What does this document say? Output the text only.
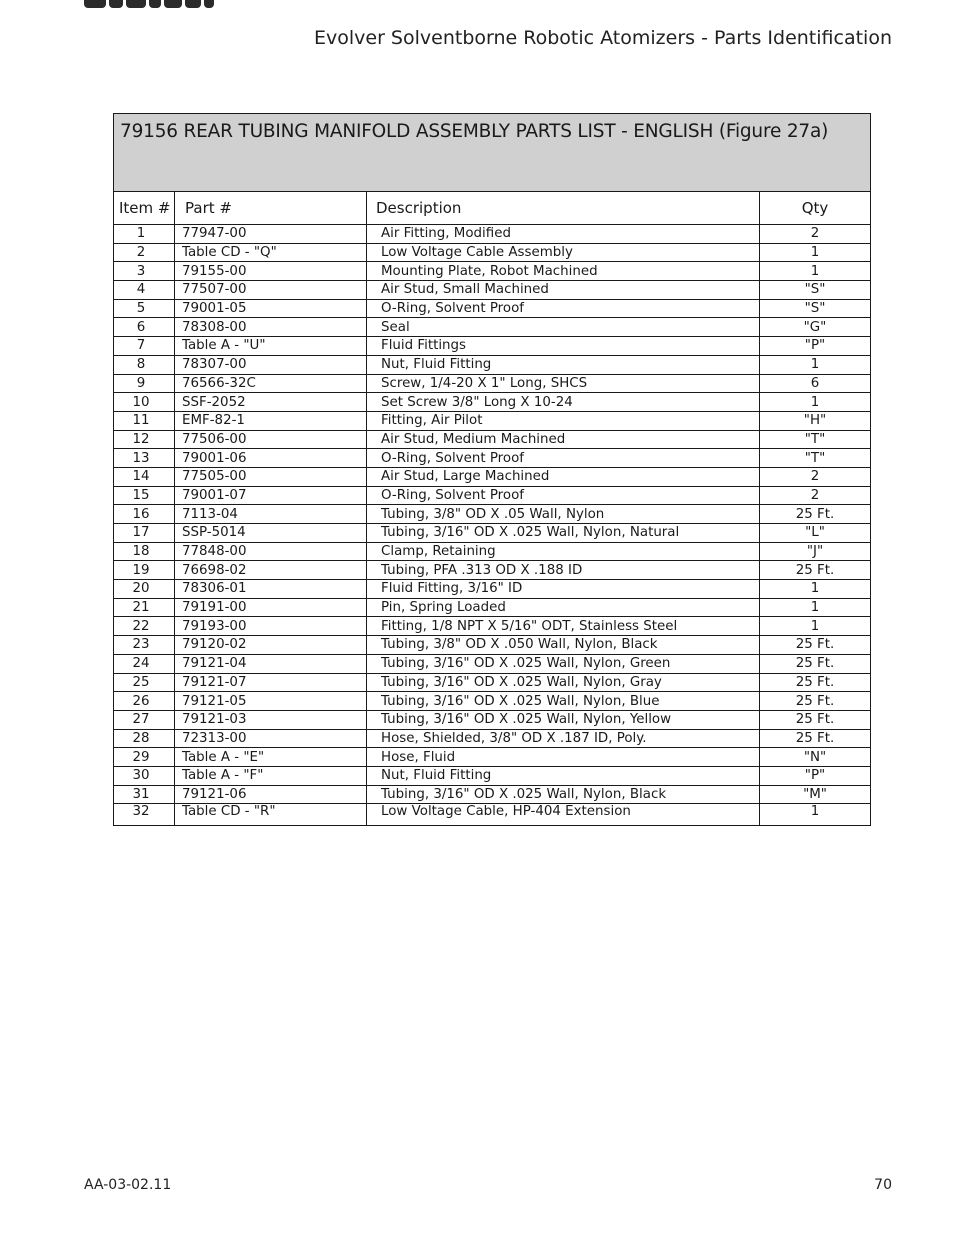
Evolver Solventborne Robotic Atomizers - Parts Identification
79156 REAR TUBING MANIFOLD ASSEMBLY PARTS LIST - ENGLISH (Figure 27a)			
Item #	Part #	Description	Qty
1	77947-00	Air Fitting, Modified	2
2	Table CD - "Q"	Low Voltage Cable Assembly	1
3	79155-00	Mounting Plate, Robot Machined	1
4	77507-00	Air Stud, Small Machined	"S"
5	79001-05	O-Ring, Solvent Proof	"S"
6	78308-00	Seal	"G"
7	Table A - "U"	Fluid Fittings	"P"
8	78307-00	Nut, Fluid Fitting	1
9	76566-32C	Screw, 1/4-20 X 1" Long, SHCS	6
10	SSF-2052	Set Screw 3/8" Long X 10-24	1
11	EMF-82-1	Fitting, Air Pilot	"H"
12	77506-00	Air Stud, Medium Machined	"T"
13	79001-06	O-Ring, Solvent Proof	"T"
14	77505-00	Air Stud, Large Machined	2
15	79001-07	O-Ring, Solvent Proof	2
16	7113-04	Tubing, 3/8" OD X .05 Wall, Nylon	25 Ft.
17	SSP-5014	Tubing, 3/16" OD X .025 Wall, Nylon, Natural	"L"
18	77848-00	Clamp, Retaining	"J"
19	76698-02	Tubing, PFA .313 OD X .188 ID	25 Ft.
20	78306-01	Fluid Fitting, 3/16" ID	1
21	79191-00	Pin, Spring Loaded	1
22	79193-00	Fitting, 1/8 NPT X 5/16" ODT, Stainless Steel	1
23	79120-02	Tubing, 3/8" OD X .050 Wall, Nylon, Black	25 Ft.
24	79121-04	Tubing, 3/16" OD X .025 Wall, Nylon, Green	25 Ft.
25	79121-07	Tubing, 3/16" OD X .025 Wall, Nylon, Gray	25 Ft.
26	79121-05	Tubing, 3/16" OD X .025 Wall, Nylon, Blue	25 Ft.
27	79121-03	Tubing, 3/16" OD X .025 Wall, Nylon, Yellow	25 Ft.
28	72313-00	Hose, Shielded, 3/8" OD X .187 ID, Poly.	25 Ft.
29	Table A - "E"	Hose, Fluid	"N"
30	Table A - "F"	Nut, Fluid Fitting	"P"
31	79121-06	Tubing, 3/16" OD X .025 Wall, Nylon, Black	"M"
32	Table CD - "R"	Low Voltage Cable, HP-404 Extension	1
AA-03-02.11	70
